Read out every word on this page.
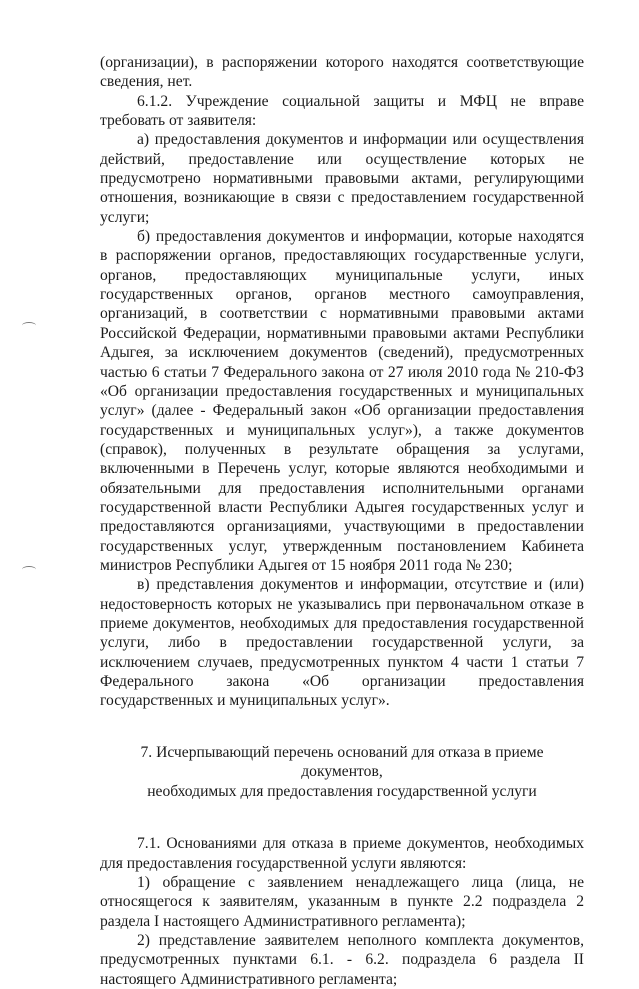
(организации), в распоряжении которого находятся соответствующие сведения, нет.

6.1.2. Учреждение социальной защиты и МФЦ не вправе требовать от заявителя:

а) предоставления документов и информации или осуществления действий, предоставление или осуществление которых не предусмотрено нормативными правовыми актами, регулирующими отношения, возникающие в связи с предоставлением государственной услуги;

б) предоставления документов и информации, которые находятся в распоряжении органов, предоставляющих государственные услуги, органов, предоставляющих муниципальные услуги, иных государственных органов, органов местного самоуправления, организаций, в соответствии с нормативными правовыми актами Российской Федерации, нормативными правовыми актами Республики Адыгея, за исключением документов (сведений), предусмотренных частью 6 статьи 7 Федерального закона от 27 июля 2010 года № 210-ФЗ «Об организации предоставления государственных и муниципальных услуг» (далее - Федеральный закон «Об организации предоставления государственных и муниципальных услуг»), а также документов (справок), полученных в результате обращения за услугами, включенными в Перечень услуг, которые являются необходимыми и обязательными для предоставления исполнительными органами государственной власти Республики Адыгея государственных услуг и предоставляются организациями, участвующими в предоставлении государственных услуг, утвержденным постановлением Кабинета министров Республики Адыгея от 15 ноября 2011 года № 230;

в) представления документов и информации, отсутствие и (или) недостоверность которых не указывались при первоначальном отказе в приеме документов, необходимых для предоставления государственной услуги, либо в предоставлении государственной услуги, за исключением случаев, предусмотренных пунктом 4 части 1 статьи 7 Федерального закона «Об организации предоставления государственных и муниципальных услуг».

7. Исчерпывающий перечень оснований для отказа в приеме документов,
необходимых для предоставления государственной услуги

7.1. Основаниями для отказа в приеме документов, необходимых для предоставления государственной услуги являются:

1) обращение с заявлением ненадлежащего лица (лица, не относящегося к заявителям, указанным в пункте 2.2 подраздела 2 раздела I настоящего Административного регламента);

2) представление заявителем неполного комплекта документов, предусмотренных пунктами 6.1. - 6.2. подраздела 6 раздела II настоящего Административного регламента;
